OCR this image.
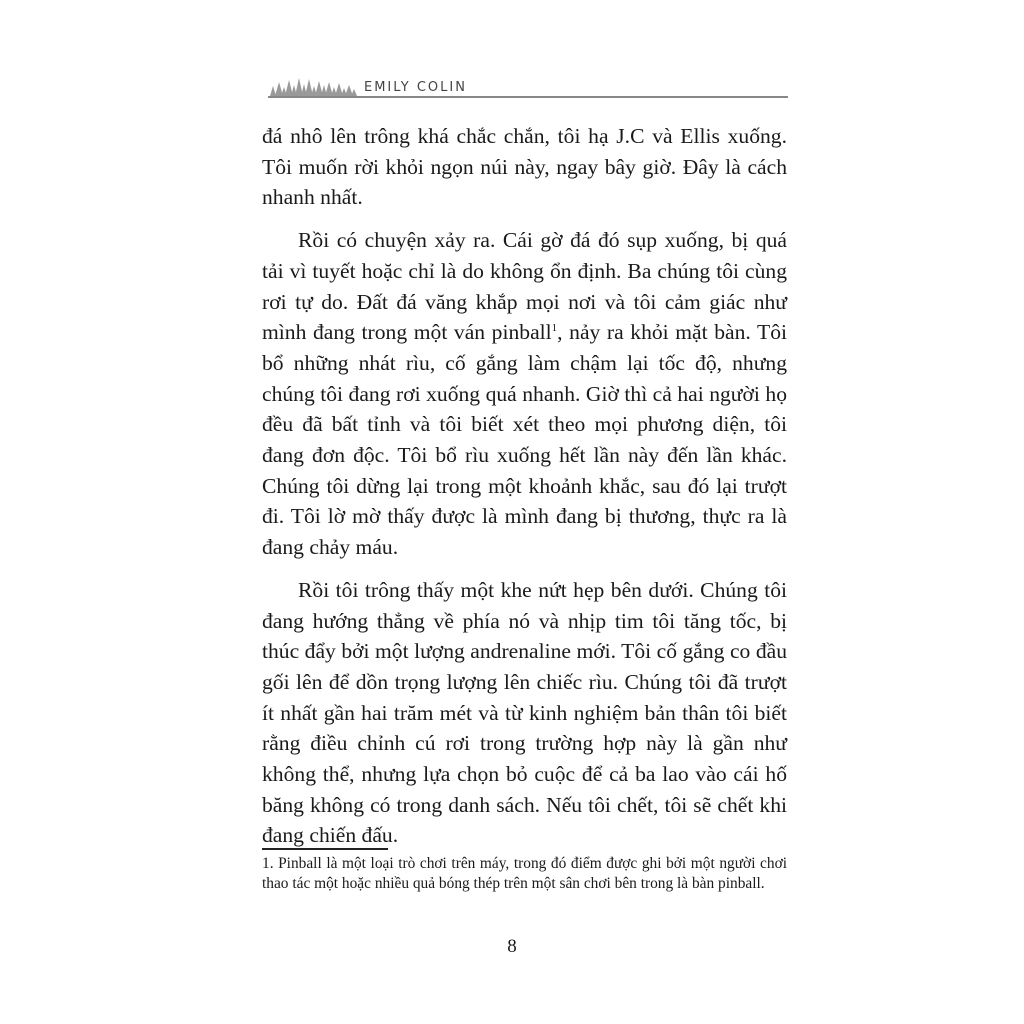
EMILY COLIN

đá nhô lên trông khá chắc chắn, tôi hạ J.C và Ellis xuống. Tôi muốn rời khỏi ngọn núi này, ngay bây giờ. Đây là cách nhanh nhất.

Rồi có chuyện xảy ra. Cái gờ đá đó sụp xuống, bị quá tải vì tuyết hoặc chỉ là do không ổn định. Ba chúng tôi cùng rơi tự do. Đất đá văng khắp mọi nơi và tôi cảm giác như mình đang trong một ván pinball$^1$, nảy ra khỏi mặt bàn. Tôi bổ những nhát rìu, cố gắng làm chậm lại tốc độ, nhưng chúng tôi đang rơi xuống quá nhanh. Giờ thì cả hai người họ đều đã bất tỉnh và tôi biết xét theo mọi phương diện, tôi đang đơn độc. Tôi bổ rìu xuống hết lần này đến lần khác. Chúng tôi dừng lại trong một khoảnh khắc, sau đó lại trượt đi. Tôi lờ mờ thấy được là mình đang bị thương, thực ra là đang chảy máu.

Rồi tôi trông thấy một khe nứt hẹp bên dưới. Chúng tôi đang hướng thẳng về phía nó và nhịp tim tôi tăng tốc, bị thúc đẩy bởi một lượng andrenaline mới. Tôi cố gắng co đầu gối lên để dồn trọng lượng lên chiếc rìu. Chúng tôi đã trượt ít nhất gần hai trăm mét và từ kinh nghiệm bản thân tôi biết rằng điều chỉnh cú rơi trong trường hợp này là gần như không thể, nhưng lựa chọn bỏ cuộc để cả ba lao vào cái hố băng không có trong danh sách. Nếu tôi chết, tôi sẽ chết khi đang chiến đấu.

1. Pinball là một loại trò chơi trên máy, trong đó điểm được ghi bởi một người chơi thao tác một hoặc nhiều quả bóng thép trên một sân chơi bên trong là bàn pinball.
8
